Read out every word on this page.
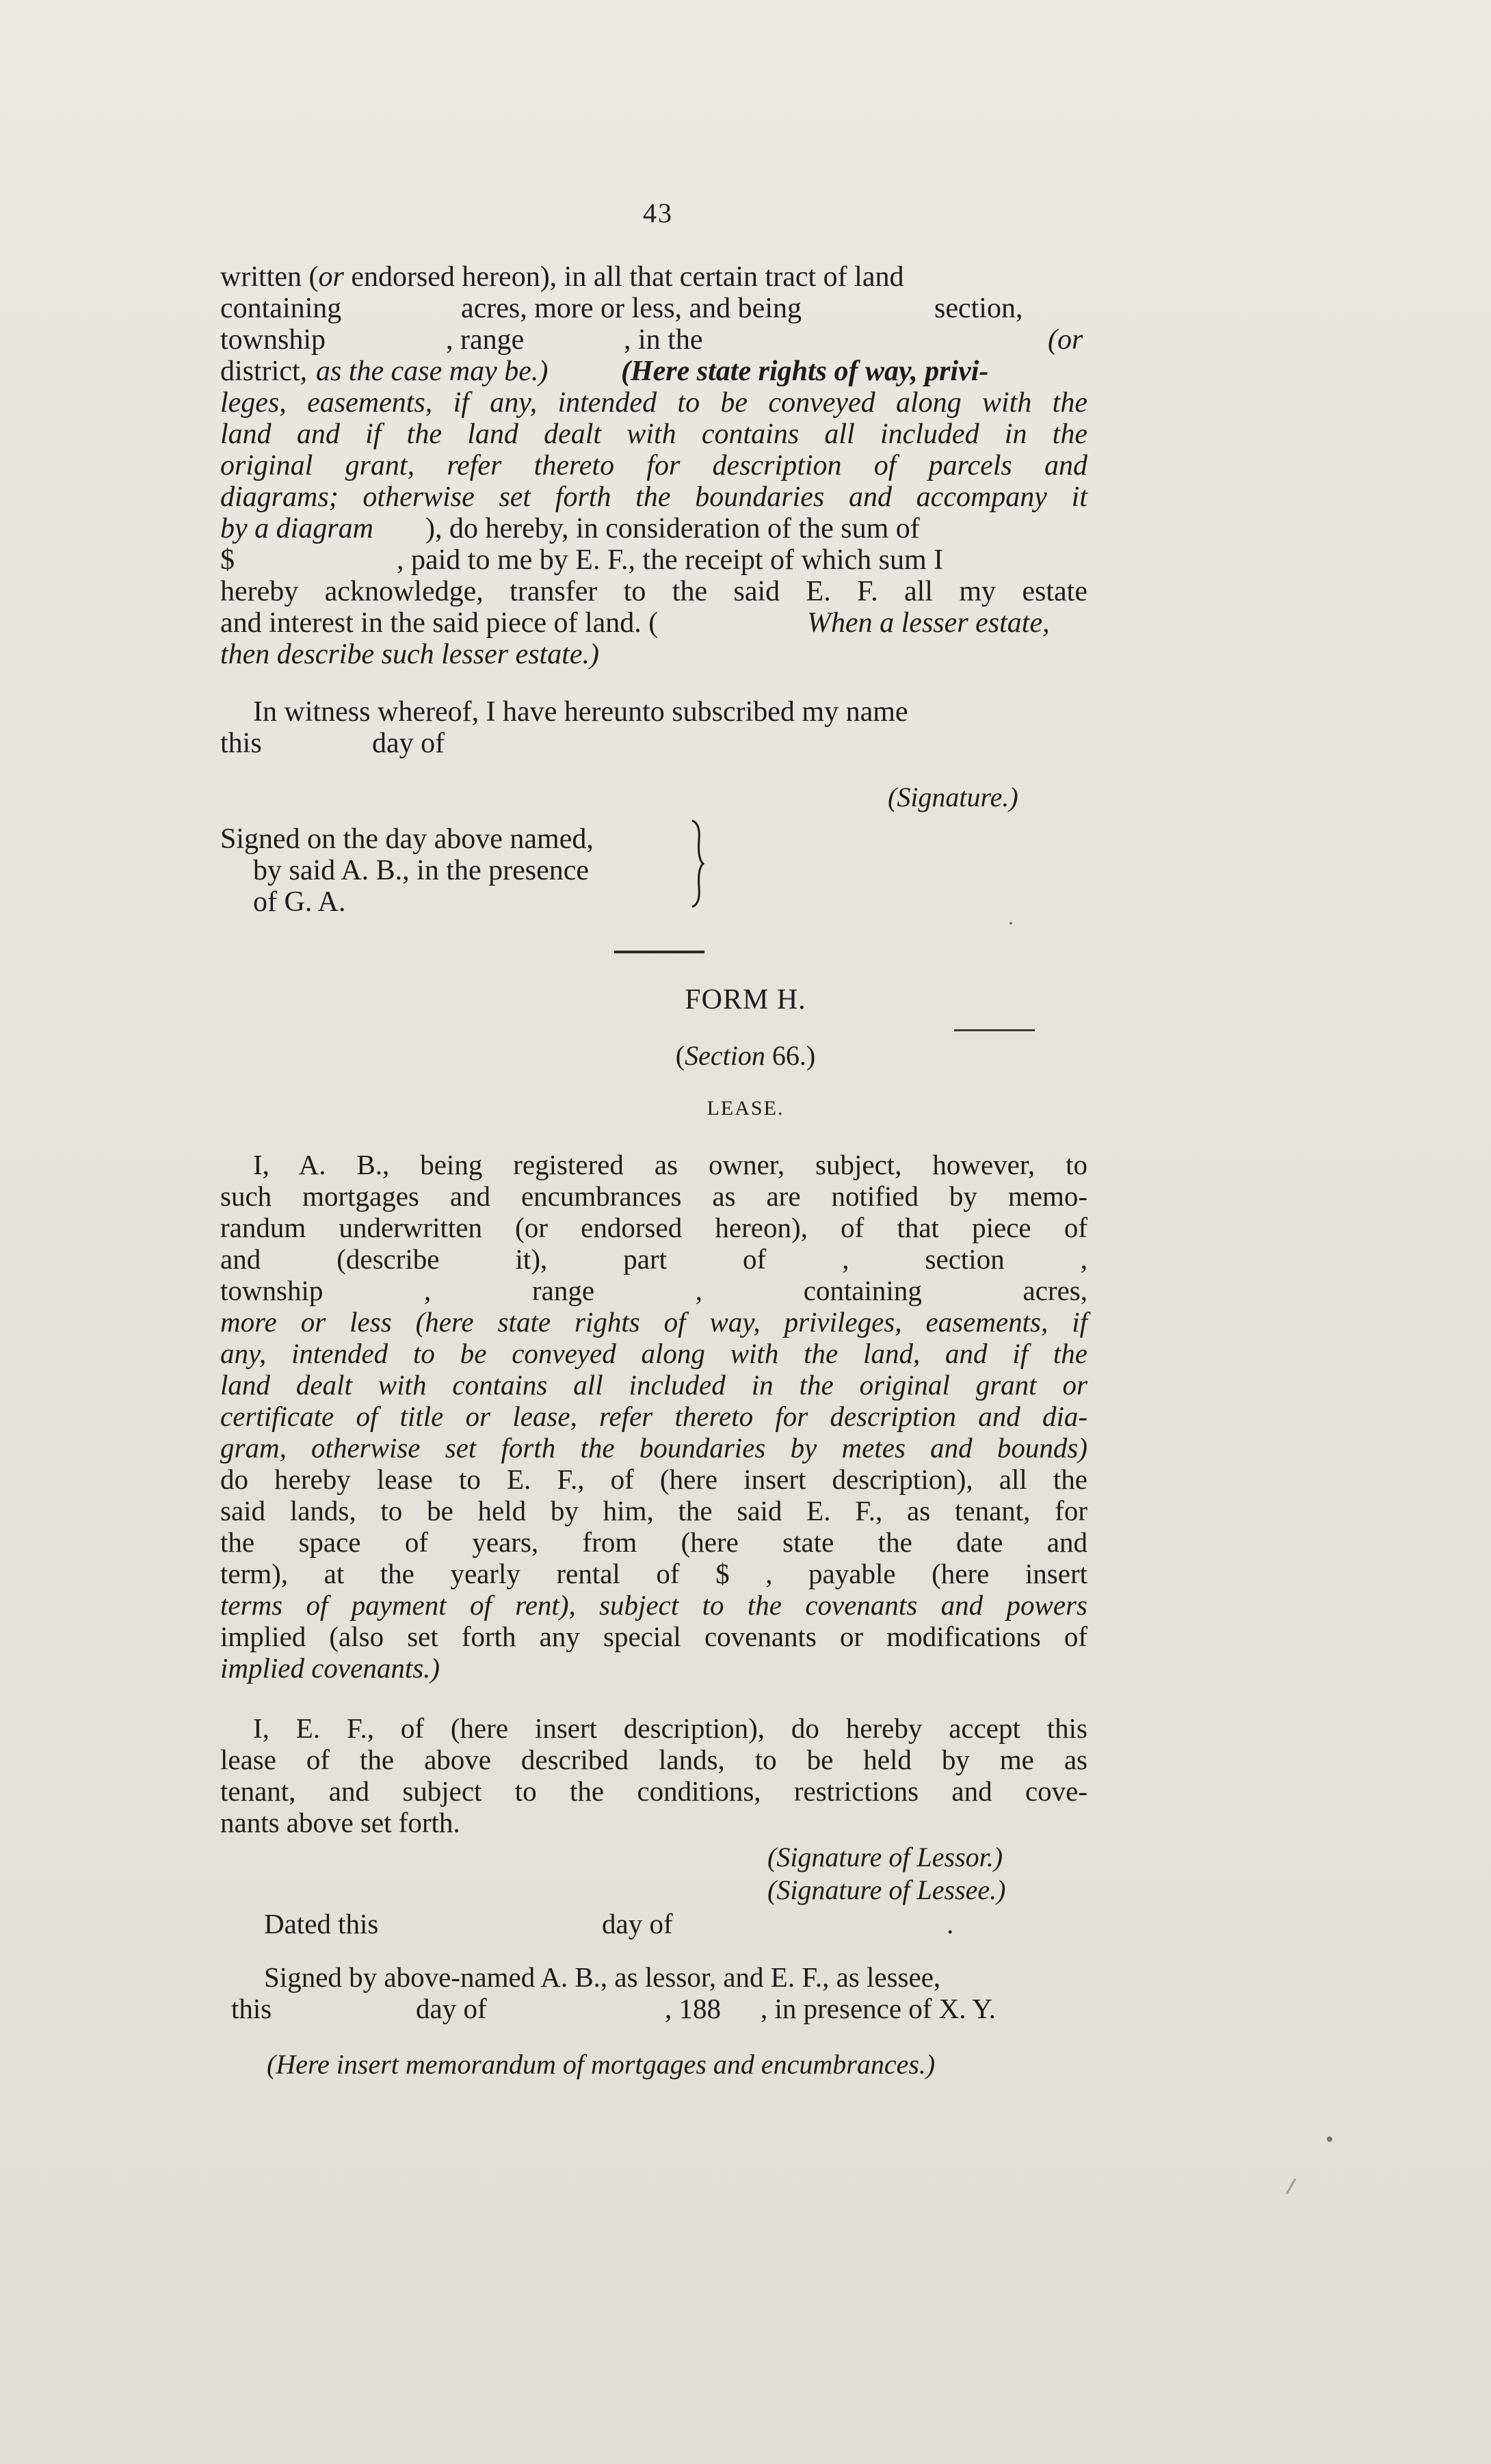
43
written (or endorsed hereon), in all that certain tract of land
containing	acres, more or less, and being	section,
township	, range	, in the	(or
district, as the case may be.)	(Here state rights of way, privi-
leges, easements, if any, intended to be conveyed along with the
land and if the land dealt with contains all included in the
original grant, refer thereto for description of parcels and
diagrams; otherwise set forth the boundaries and accompany it
by a diagram ), do hereby, in consideration of the sum of
$	, paid to me by E. F., the receipt of which sum I
hereby acknowledge, transfer to the said E. F. all my estate
and interest in the said piece of land. (	When a lesser estate,
then describe such lesser estate.)
In witness whereof, I have hereunto subscribed my name
this	day of
(Signature.)
Signed on the day above named,
by said A. B., in the presence
of G. A.
FORM H.
(Section 66.)
LEASE.
I, A. B., being registered as owner, subject, however, to
such mortgages and encumbrances as are notified by memo-
randum underwritten (or endorsed hereon), of that piece of
and (describe it), part of , section ,
township , range , containing acres,
more or less (here state rights of way, privileges, easements, if
any, intended to be conveyed along with the land, and if the
land dealt with contains all included in the original grant or
certificate of title or lease, refer thereto for description and dia-
gram, otherwise set forth the boundaries by metes and bounds)
do hereby lease to E. F., of (here insert description), all the
said lands, to be held by him, the said E. F., as tenant, for
the space of years, from (here state the date and
term), at the yearly rental of $ , payable (here insert
terms of payment of rent), subject to the covenants and powers
implied (also set forth any special covenants or modifications of
implied covenants.)
I, E. F., of (here insert description), do hereby accept this
lease of the above described lands, to be held by me as
tenant, and subject to the conditions, restrictions and cove-
nants above set forth.
(Signature of Lessor.)
(Signature of Lessee.)
Dated this	day of	.
Signed by above-named A. B., as lessor, and E. F., as lessee,
this	day of	, 188 , in presence of X. Y.
(Here insert memorandum of mortgages and encumbrances.)
